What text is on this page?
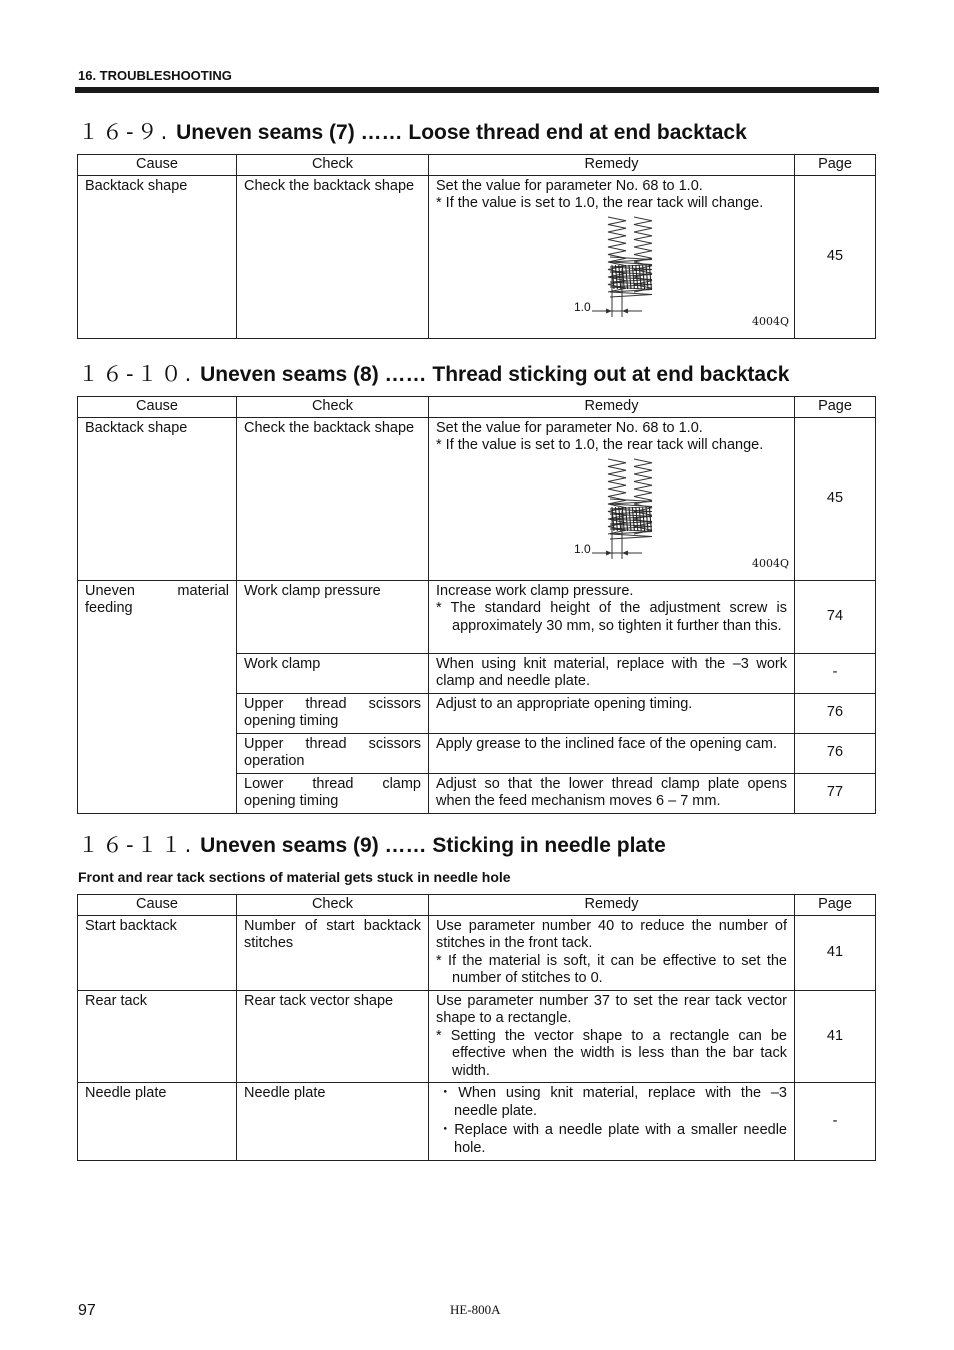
16. TROUBLESHOOTING
１６-９. Uneven seams (7) …… Loose thread end at end backtack
Cause	Check	Remedy	Page
Backtack shape	Check the backtack shape	Set the value for parameter No. 68 to 1.0.
* If the value is set to 1.0, the rear tack will change.
1.0
4004Q	45
１６-１０. Uneven seams (8) …… Thread sticking out at end backtack
Cause	Check	Remedy	Page
Backtack shape	Check the backtack shape	Set the value for parameter No. 68 to 1.0.
* If the value is set to 1.0, the rear tack will change.
1.0
4004Q	45
Uneven material feeding	Work clamp pressure	Increase work clamp pressure.
* The standard height of the adjustment screw is approximately 30 mm, so tighten it further than this.	74
	Work clamp	When using knit material, replace with the –3 work clamp and needle plate.	-
	Upper thread scissors opening timing	Adjust to an appropriate opening timing.	76
	Upper thread scissors operation	Apply grease to the inclined face of the opening cam.	76
	Lower thread clamp opening timing	Adjust so that the lower thread clamp plate opens when the feed mechanism moves 6 – 7 mm.	77
１６-１１. Uneven seams (9) …… Sticking in needle plate
Front and rear tack sections of material gets stuck in needle hole
Cause	Check	Remedy	Page
Start backtack	Number of start backtack stitches	Use parameter number 40 to reduce the number of stitches in the front tack.
* If the material is soft, it can be effective to set the number of stitches to 0.	41
Rear tack	Rear tack vector shape	Use parameter number 37 to set the rear tack vector shape to a rectangle.
* Setting the vector shape to a rectangle can be effective when the width is less than the bar tack width.	41
Needle plate	Needle plate	・When using knit material, replace with the –3 needle plate.
・Replace with a needle plate with a smaller needle hole.	-
97	HE-800A
